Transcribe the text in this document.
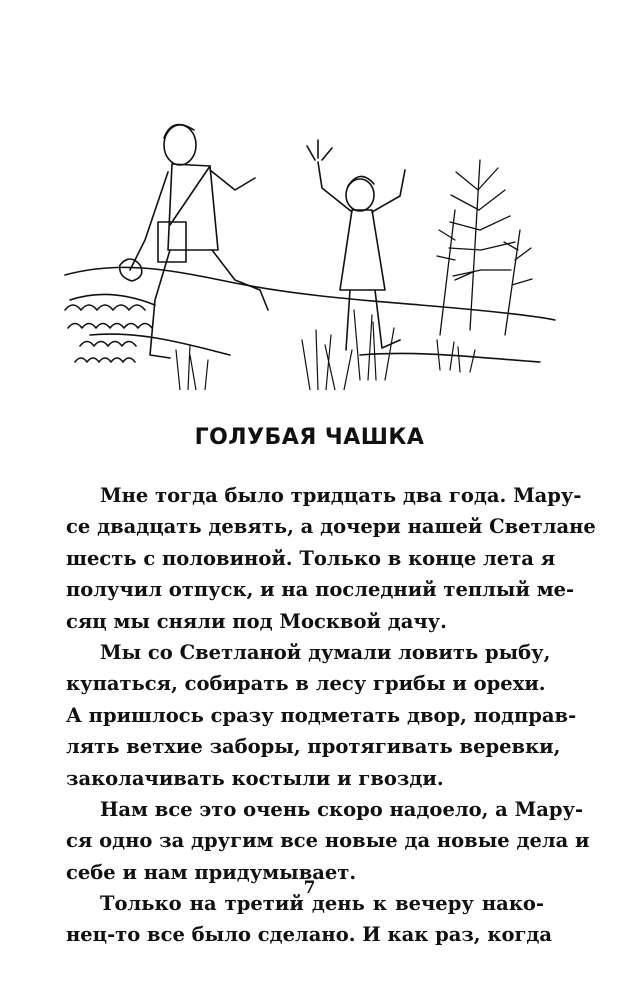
ГОЛУБАЯ ЧАШКА
Мне тогда было тридцать два года. Мару-
се двадцать девять, а дочери нашей Светлане
шесть с половиной. Только в конце лета я
получил отпуск, и на последний теплый ме-
сяц мы сняли под Москвой дачу.
Мы со Светланой думали ловить рыбу,
купаться, собирать в лесу грибы и орехи.
А пришлось сразу подметать двор, подправ-
лять ветхие заборы, протягивать веревки,
заколачивать костыли и гвозди.
Нам все это очень скоро надоело, а Мару-
ся одно за другим все новые да новые дела и
себе и нам придумывает.
Только на третий день к вечеру нако-
нец-то все было сделано. И как раз, когда
7
